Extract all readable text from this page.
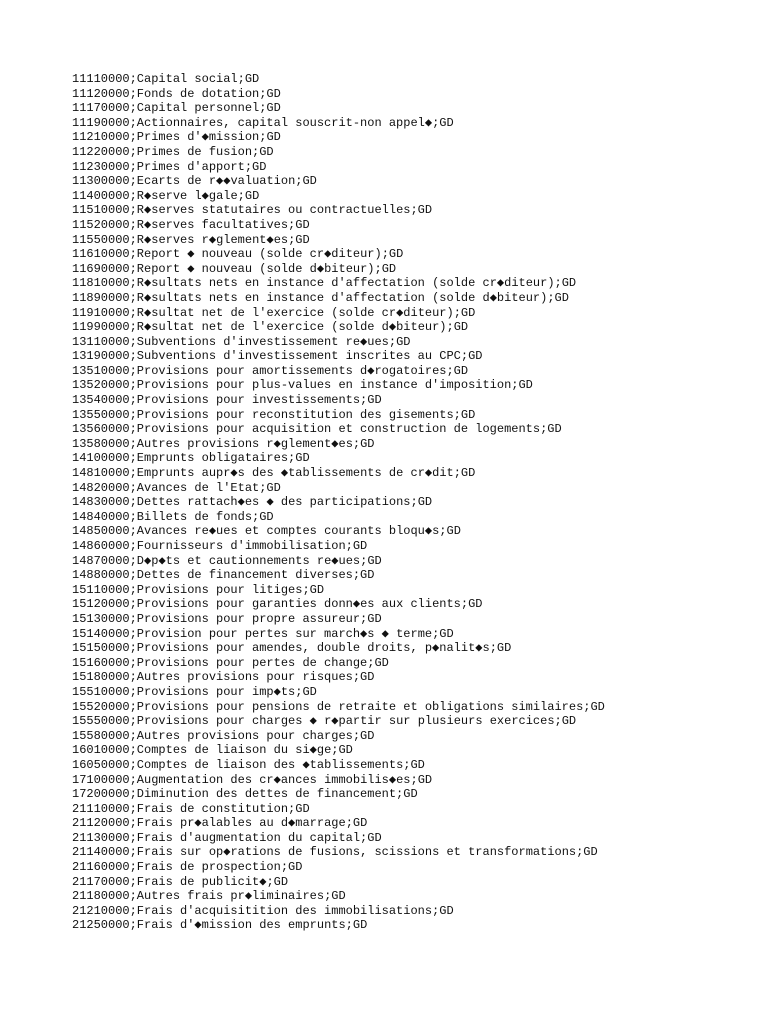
11110000;Capital social;GD
11120000;Fonds de dotation;GD
11170000;Capital personnel;GD
11190000;Actionnaires, capital souscrit-non appel◆;GD
11210000;Primes d'◆mission;GD
11220000;Primes de fusion;GD
11230000;Primes d'apport;GD
11300000;Ecarts de r◆◆valuation;GD
11400000;R◆serve l◆gale;GD
11510000;R◆serves statutaires ou contractuelles;GD
11520000;R◆serves facultatives;GD
11550000;R◆serves r◆glement◆es;GD
11610000;Report ◆ nouveau (solde cr◆diteur);GD
11690000;Report ◆ nouveau (solde d◆biteur);GD
11810000;R◆sultats nets en instance d'affectation (solde cr◆diteur);GD
11890000;R◆sultats nets en instance d'affectation (solde d◆biteur);GD
11910000;R◆sultat net de l'exercice (solde cr◆diteur);GD
11990000;R◆sultat net de l'exercice (solde d◆biteur);GD
13110000;Subventions d'investissement re◆ues;GD
13190000;Subventions d'investissement inscrites au CPC;GD
13510000;Provisions pour amortissements d◆rogatoires;GD
13520000;Provisions pour plus-values en instance d'imposition;GD
13540000;Provisions pour investissements;GD
13550000;Provisions pour reconstitution des gisements;GD
13560000;Provisions pour acquisition et construction de logements;GD
13580000;Autres provisions r◆glement◆es;GD
14100000;Emprunts obligataires;GD
14810000;Emprunts aupr◆s des ◆tablissements de cr◆dit;GD
14820000;Avances de l'Etat;GD
14830000;Dettes rattach◆es ◆ des participations;GD
14840000;Billets de fonds;GD
14850000;Avances re◆ues et comptes courants bloqu◆s;GD
14860000;Fournisseurs d'immobilisation;GD
14870000;D◆p◆ts et cautionnements re◆ues;GD
14880000;Dettes de financement diverses;GD
15110000;Provisions pour litiges;GD
15120000;Provisions pour garanties donn◆es aux clients;GD
15130000;Provisions pour propre assureur;GD
15140000;Provision pour pertes sur march◆s ◆ terme;GD
15150000;Provisions pour amendes, double droits, p◆nalit◆s;GD
15160000;Provisions pour pertes de change;GD
15180000;Autres provisions pour risques;GD
15510000;Provisions pour imp◆ts;GD
15520000;Provisions pour pensions de retraite et obligations similaires;GD
15550000;Provisions pour charges ◆ r◆partir sur plusieurs exercices;GD
15580000;Autres provisions pour charges;GD
16010000;Comptes de liaison du si◆ge;GD
16050000;Comptes de liaison des ◆tablissements;GD
17100000;Augmentation des cr◆ances immobilis◆es;GD
17200000;Diminution des dettes de financement;GD
21110000;Frais de constitution;GD
21120000;Frais pr◆alables au d◆marrage;GD
21130000;Frais d'augmentation du capital;GD
21140000;Frais sur op◆rations de fusions, scissions et transformations;GD
21160000;Frais de prospection;GD
21170000;Frais de publicit◆;GD
21180000;Autres frais pr◆liminaires;GD
21210000;Frais d'acquisitition des immobilisations;GD
21250000;Frais d'◆mission des emprunts;GD
